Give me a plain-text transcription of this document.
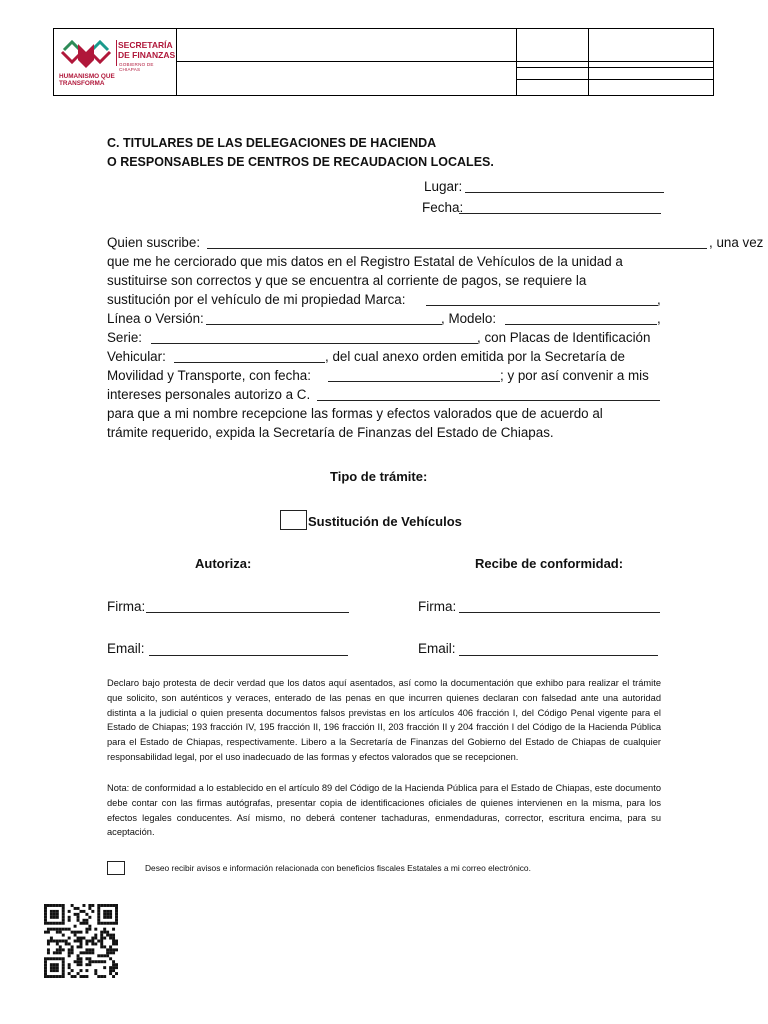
SECRETARÍA
DE FINANZAS
GOBIERNO DE CHIAPAS
HUMANISMO QUE
TRANSFORMA
C. TITULARES DE LAS DELEGACIONES DE HACIENDA
O RESPONSABLES DE CENTROS DE RECAUDACION LOCALES.
Lugar:
Fecha:
Quien suscribe:	, una vez
que me he cerciorado que mis datos en el Registro Estatal de Vehículos de la unidad a
sustituirse son correctos y que se encuentra al corriente de pagos, se requiere la
sustitución por el vehículo de mi propiedad Marca:	,
Línea o Versión:	, Modelo:	,
Serie:	, con Placas de Identificación
Vehicular:	, del cual anexo orden emitida por la Secretaría de
Movilidad y Transporte, con fecha:	; y por así convenir a mis
intereses personales autorizo a C.
para que a mi nombre recepcione las formas y efectos valorados que de acuerdo al
trámite requerido, expida la Secretaría de Finanzas del Estado de Chiapas.
Tipo de trámite:
Sustitución de Vehículos
Autoriza:	Recibe de conformidad:
Firma:	Firma:
Email:	Email:
Declaro bajo protesta de decir verdad que los datos aquí asentados, así como la documentación que exhibo para realizar el trámite que solicito, son auténticos y veraces, enterado de las penas en que incurren quienes declaran con falsedad ante una autoridad distinta a la judicial o quien presenta documentos falsos previstas en los artículos 406 fracción I, del Código Penal vigente para el Estado de Chiapas; 193 fracción IV, 195 fracción II, 196 fracción II, 203 fracción II y 204 fracción I del Código de la Hacienda Pública para el Estado de Chiapas, respectivamente. Libero a la Secretaría de Finanzas del Gobierno del Estado de Chiapas de cualquier responsabilidad legal, por el uso inadecuado de las formas y efectos valorados que se recepcionen.
Nota: de conformidad a lo establecido en el artículo 89 del Código de la Hacienda Pública para el Estado de Chiapas, este documento debe contar con las firmas autógrafas, presentar copia de identificaciones oficiales de quienes intervienen en la misma, para los efectos legales conducentes. Así mismo, no deberá contener tachaduras, enmendaduras, corrector, escritura encima, para su aceptación.
Deseo recibir avisos e información relacionada con beneficios fiscales Estatales a mi correo electrónico.
